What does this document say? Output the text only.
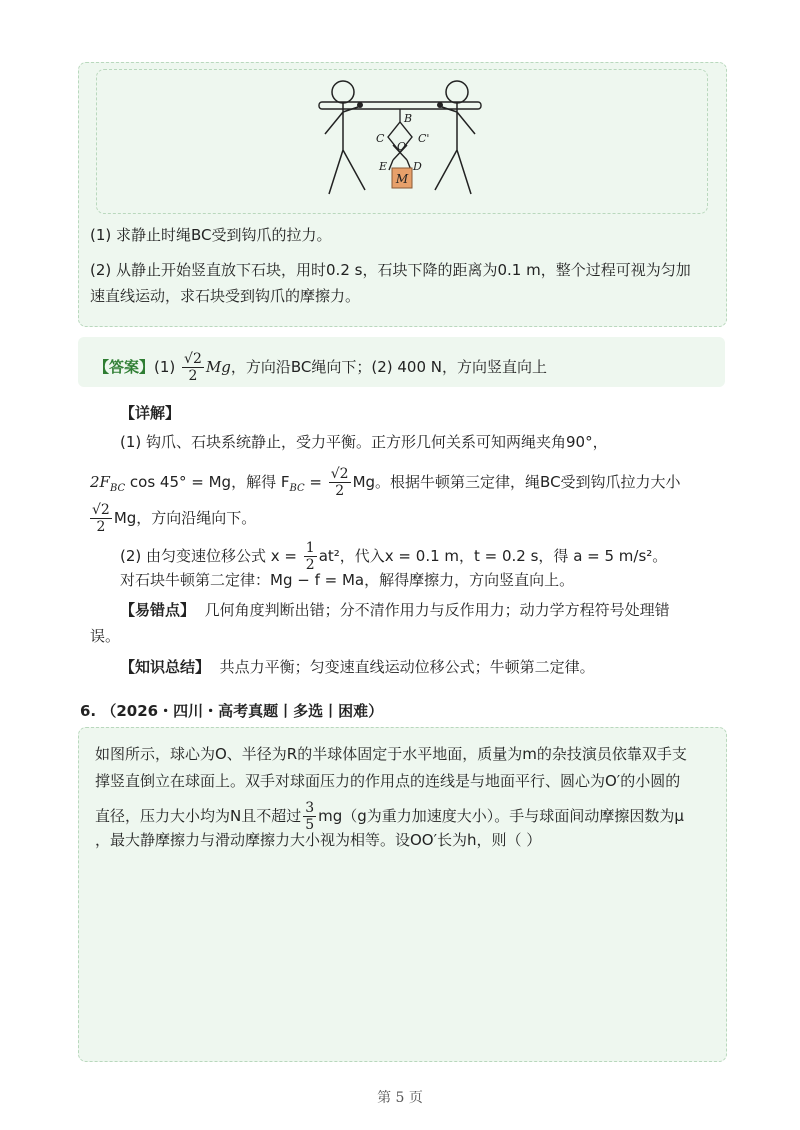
M
B
C	C'
O
E D
(1) 求静止时绳BC受到钩爪的拉力。
(2) 从静止开始竖直放下石块，用时0.2 s，石块下降的距离为0.1 m，整个过程可视为匀加
速直线运动，求石块受到钩爪的摩擦力。
【答案】$(1) \frac{√2}{2}$ Mg，方向沿BC绳向下；(2) 400 N，方向竖直向上
【详解】
(1) 钩爪、石块系统静止，受力平衡。正方形几何关系可知两绳夹角90°，
$2F_{BC}$ cos 45° = Mg，解得 $F_{BC} = \frac{√2}{2}$ Mg。根据牛顿第三定律，绳BC受到钩爪拉力大小
$\frac{√2}{2}$ Mg，方向沿绳向下。
(2) 由匀变速位移公式 $x = \frac{1}{2} at^2$，代入x = 0.1 m，t = 0.2 s，得 a = 5 m/s²。
对石块牛顿第二定律：Mg − f = Ma，解得摩擦力，方向竖直向上。
【易错点】 几何角度判断出错；分不清作用力与反作用力；动力学方程符号处理错
误。
【知识总结】 共点力平衡；匀变速直线运动位移公式；牛顿第二定律。
6. （2026・四川・高考真题丨多选丨困难）
如图所示，球心为O、半径为R的半球体固定于水平地面，质量为m的杂技演员依靠双手支
撑竖直倒立在球面上。双手对球面压力的作用点的连线是与地面平行、圆心为O′的小圆的
直径，压力大小均为N且不超过 $\frac{3}{5} mg(g$为重力加速度大小）。手与球面间动摩擦因数为μ
，最大静摩擦力与滑动摩擦力大小视为相等。设OO′长为h，则（ ）
第 5 页
